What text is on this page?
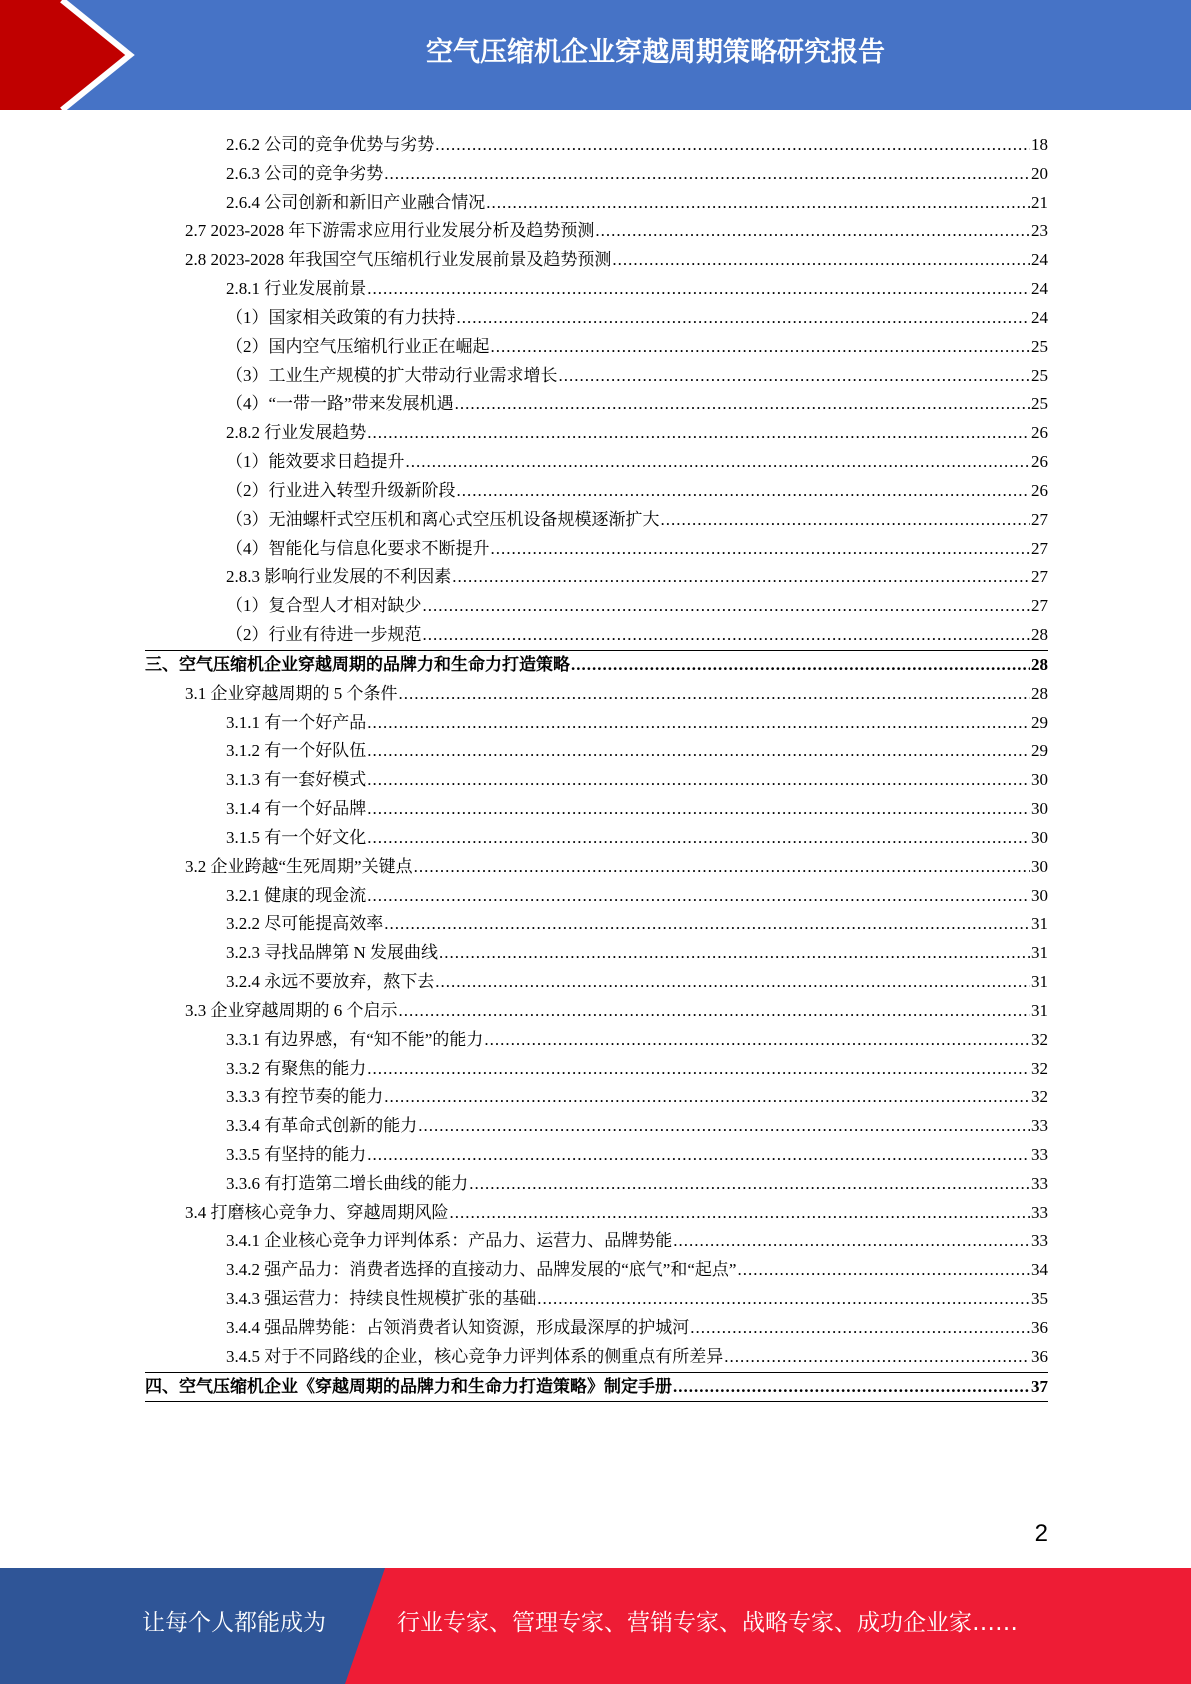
空气压缩机企业穿越周期策略研究报告
2.6.2 公司的竞争优势与劣势 .....	18
2.6.3 公司的竞争劣势 .....	20
2.6.4 公司创新和新旧产业融合情况 .....	21
2.7 2023-2028 年下游需求应用行业发展分析及趋势预测 .....	23
2.8 2023-2028 年我国空气压缩机行业发展前景及趋势预测 .....	24
2.8.1 行业发展前景 .....	24
（1）国家相关政策的有力扶持 .....	24
（2）国内空气压缩机行业正在崛起 .....	25
（3）工业生产规模的扩大带动行业需求增长 .....	25
（4）“一带一路”带来发展机遇 .....	25
2.8.2 行业发展趋势 .....	26
（1）能效要求日趋提升 .....	26
（2）行业进入转型升级新阶段 .....	26
（3）无油螺杆式空压机和离心式空压机设备规模逐渐扩大 .....	27
（4）智能化与信息化要求不断提升 .....	27
2.8.3 影响行业发展的不利因素 .....	27
（1）复合型人才相对缺少 .....	27
（2）行业有待进一步规范 .....	28
三、空气压缩机企业穿越周期的品牌力和生命力打造策略 .....	28
3.1 企业穿越周期的 5 个条件 .....	28
3.1.1 有一个好产品 .....	29
3.1.2 有一个好队伍 .....	29
3.1.3 有一套好模式 .....	30
3.1.4 有一个好品牌 .....	30
3.1.5 有一个好文化 .....	30
3.2 企业跨越“生死周期”关键点 .....	30
3.2.1 健康的现金流 .....	30
3.2.2 尽可能提高效率 .....	31
3.2.3 寻找品牌第 N 发展曲线 .....	31
3.2.4 永远不要放弃，熬下去 .....	31
3.3 企业穿越周期的 6 个启示 .....	31
3.3.1 有边界感，有“知不能”的能力 .....	32
3.3.2 有聚焦的能力 .....	32
3.3.3 有控节奏的能力 .....	32
3.3.4 有革命式创新的能力 .....	33
3.3.5 有坚持的能力 .....	33
3.3.6 有打造第二增长曲线的能力 .....	33
3.4 打磨核心竞争力、穿越周期风险 .....	33
3.4.1 企业核心竞争力评判体系：产品力、运营力、品牌势能 .....	33
3.4.2 强产品力：消费者选择的直接动力、品牌发展的“底气”和“起点” .....	34
3.4.3 强运营力：持续良性规模扩张的基础 .....	35
3.4.4 强品牌势能：占领消费者认知资源，形成最深厚的护城河 .....	36
3.4.5 对于不同路线的企业，核心竞争力评判体系的侧重点有所差异 .....	36
四、空气压缩机企业《穿越周期的品牌力和生命力打造策略》制定手册 .....	37
2
让每个人都能成为	行业专家、管理专家、营销专家、战略专家、成功企业家……
